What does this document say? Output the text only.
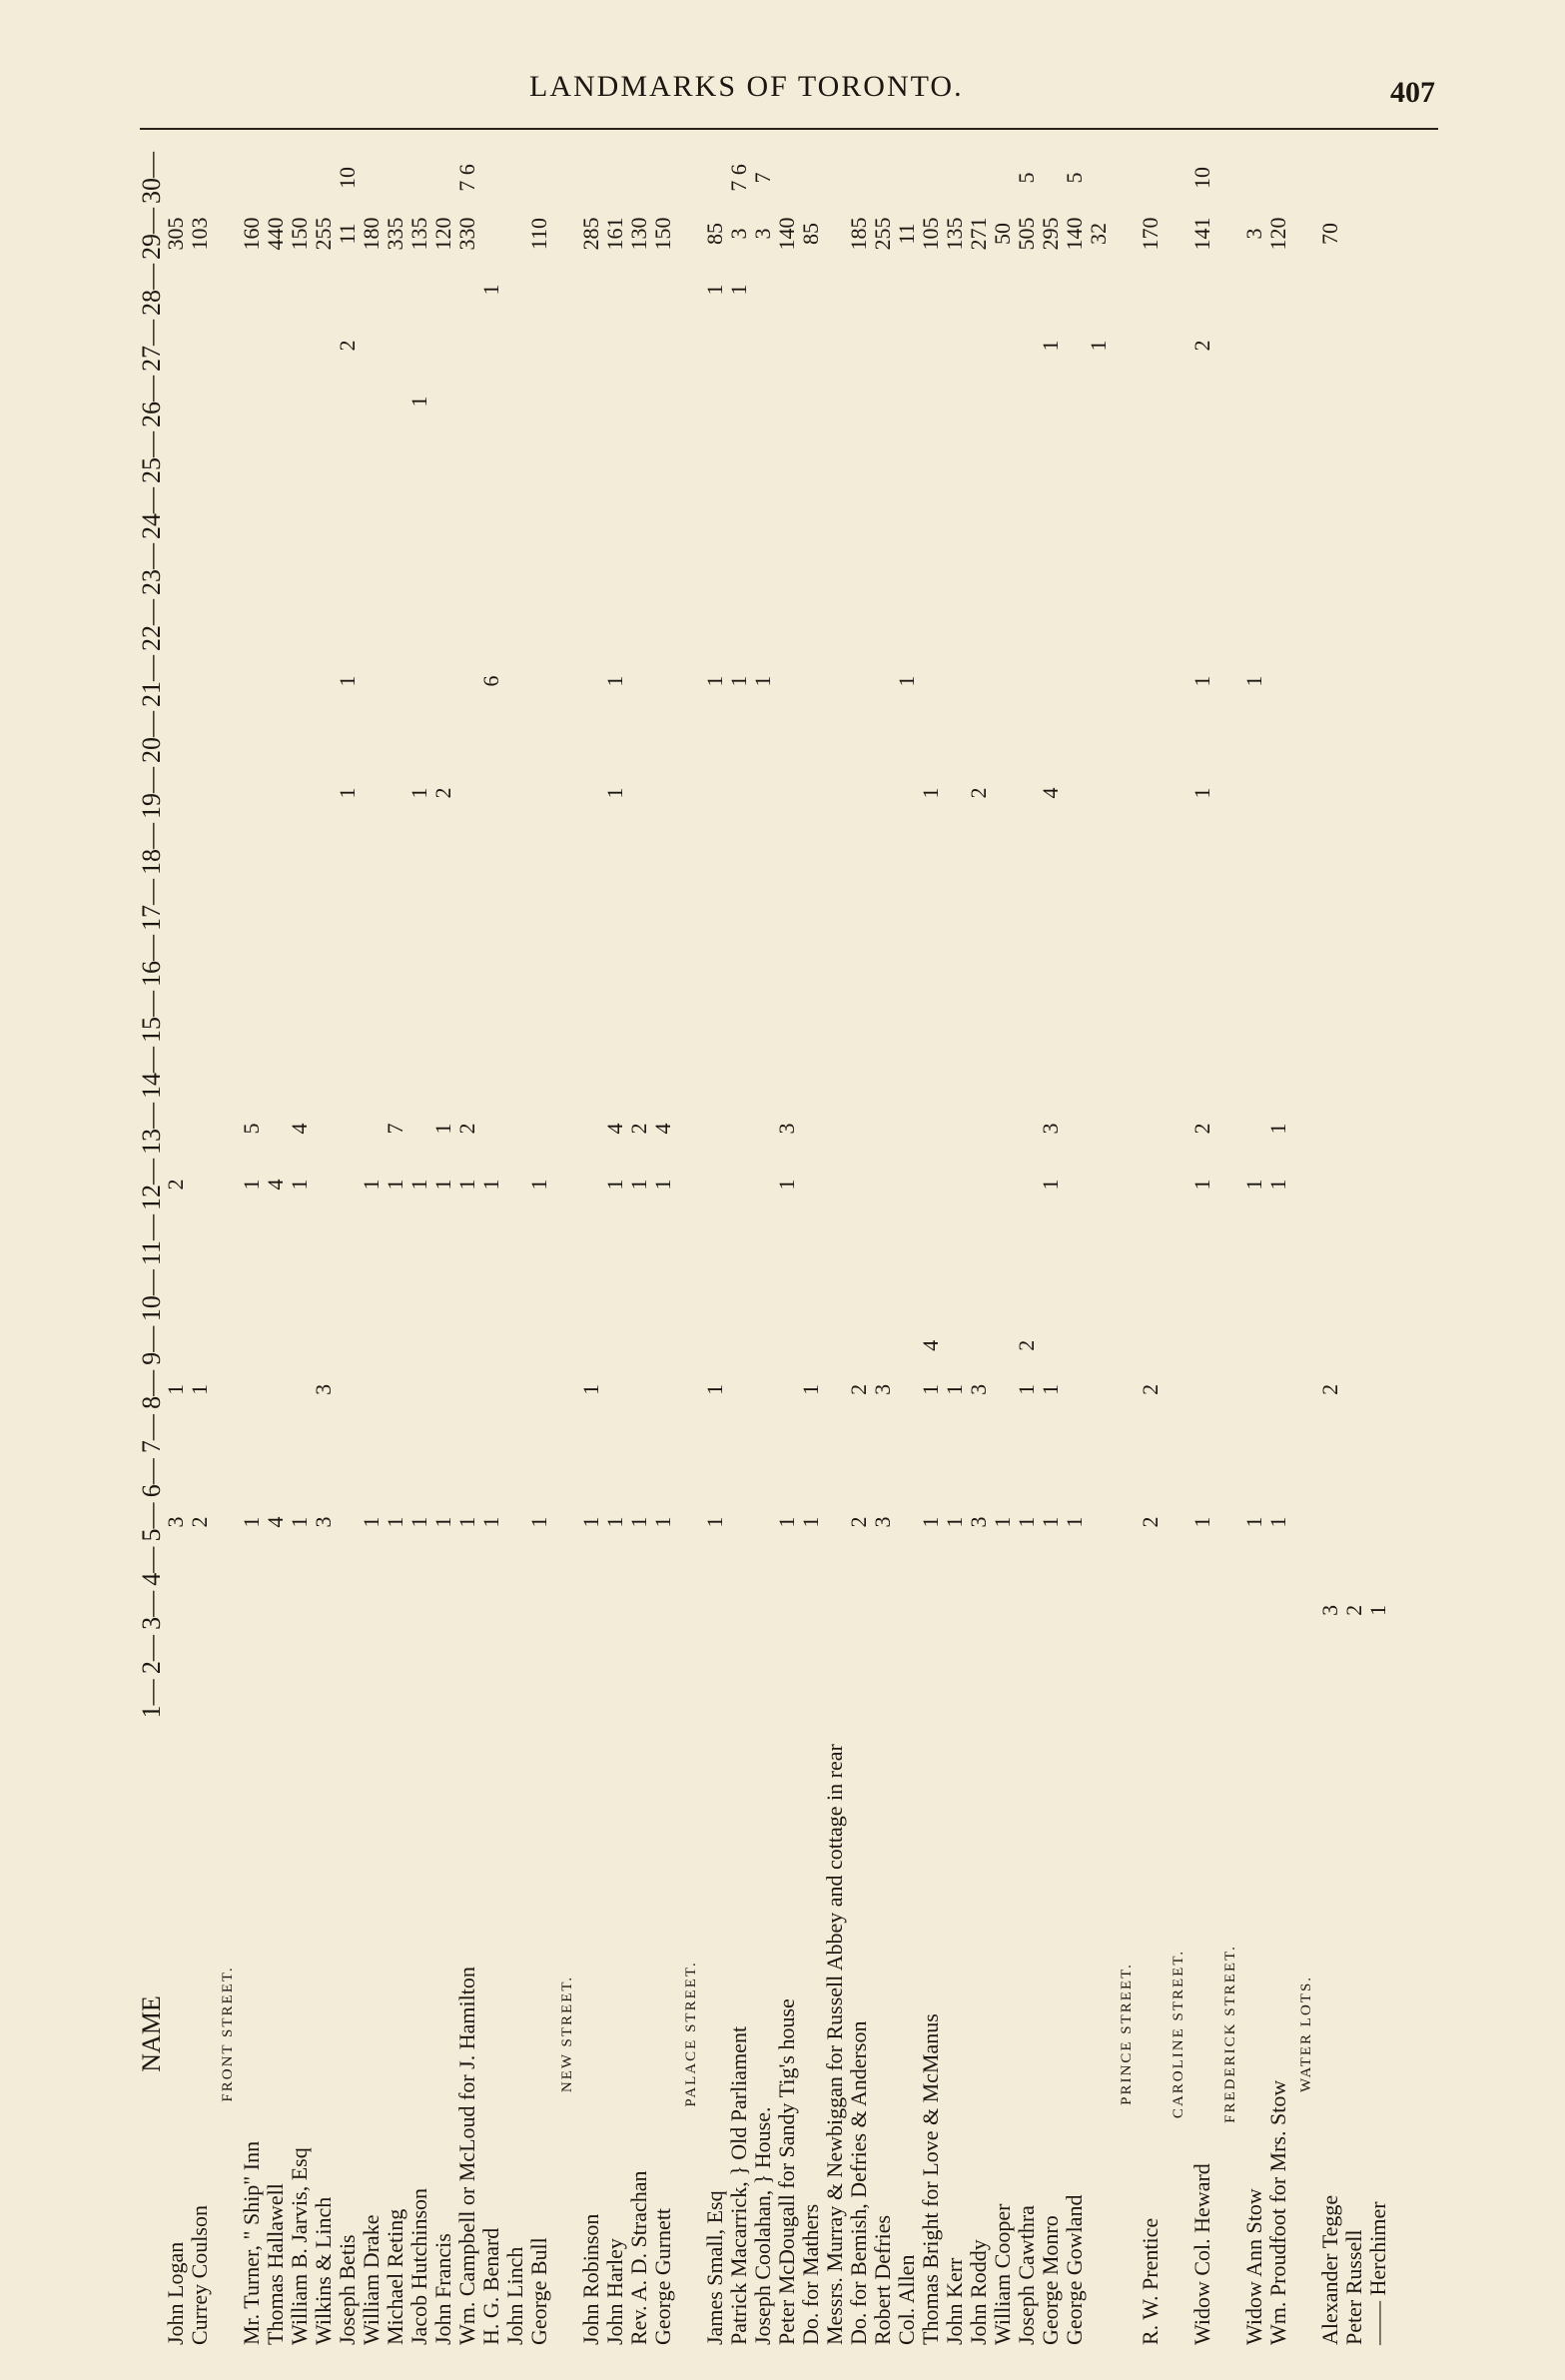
LANDMARKS OF TORONTO.	407
NAME	1—	2—	3—	4—	5—	6—	7—	8—	9—	10—	11—	12—	13—	14—	15—	16—	17—	18—	19—	20—	21—	22—	23—	24—	25—	26—	27—	28—	29—	30—
John Logan					3			1				2																	305	
Currey Coulson					2			1																					103	
FRONT STREET.																														
Mr. Turner, " Ship" Inn					1							1	5																160	
Thomas Hallawell					4							4																	440	
William B. Jarvis, Esq					1							1	4																150	
Wilkins & Linch					3			3																					255	
Joseph Betis																			1		1						2		11	10
William Drake					1							1																	180	
Michael Reting					1							1	7																335	
Jacob Hutchinson					1							1							1							1			135	
John Francis					1							1	1						2										120	
Wm. Campbell or McLoud for J. Hamilton					1							1	2																330	7 6
H. G. Benard					1							1									6							1		
John Linch																														
George Bull					1							1																	110	
NEW STREET.																														
John Robinson					1			1																					285	
John Harley					1							1	4						1		1								161	
Rev. A. D. Strachan					1							1	2																130	
George Gurnett					1							1	4																150	
PALACE STREET.																														
James Small, Esq					1			1													1							1	85	
Patrick Macarrick, } Old Parliament																					1							1	3	7 6
Joseph Coolahan, } House.																					1								3	7
Peter McDougall for Sandy Tig's house					1							1	3																140	
Do. for Mathers					1			1																					85	
Messrs. Murray & Newbiggan for Russell Abbey and cottage in rear																														
Do. for Bemish, Defries & Anderson					2			2																					185	
Robert Defries					3			3																					255	
Col. Allen																					1								11	
Thomas Bright for Love & McManus					1			1	4										1										105	
John Kerr					1			1																					135	
John Roddy					3			3											2										271	
William Cooper					1																								50	
Joseph Cawthra					1			1	2																				505	5
George Monro					1			1				1	3						4								1		295	
George Gowland					1																								140	5
																											1		32	
PRINCE STREET.																														
R. W. Prentice					2			2																					170	
CAROLINE STREET.																														
Widow Col. Heward					1							1	2						1		1						2		141	10
FREDERICK STREET.																														
Widow Ann Stow					1							1									1								3	
Wm. Proudfoot for Mrs. Stow					1							1	1																120	
WATER LOTS.																														
Alexander Tegge			3					2																					70	
Peter Russell			2																											
—— Herchimer			1																											
